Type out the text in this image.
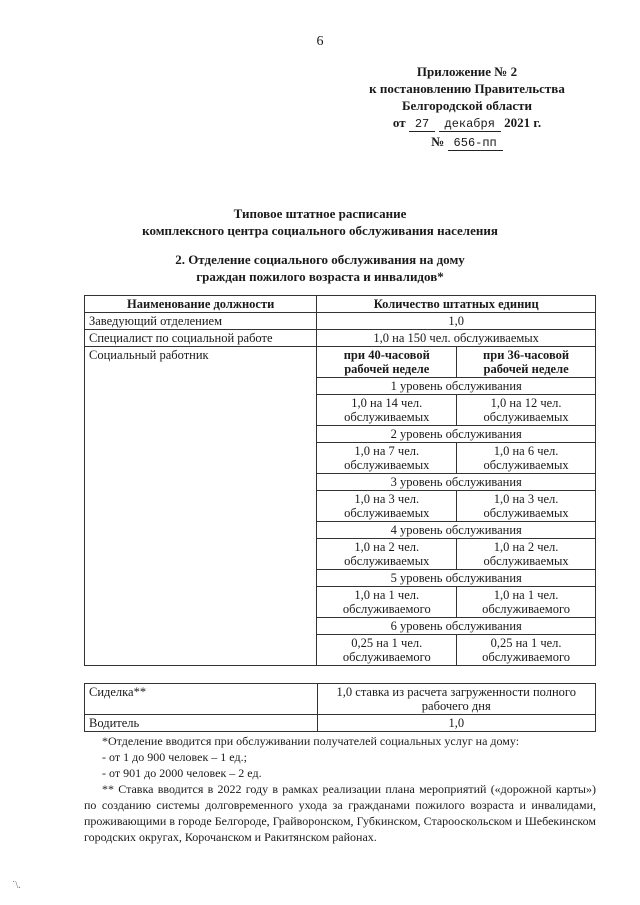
6
Приложение № 2
к постановлению Правительства
Белгородской области
от 27 декабря 2021 г.
№ 656-пп
Типовое штатное расписание
комплексного центра социального обслуживания населения
2. Отделение социального обслуживания на дому
граждан пожилого возраста и инвалидов*
Наименование должности	Количество штатных единиц	
Заведующий отделением	1,0	
Специалист по социальной работе	1,0 на 150 чел. обслуживаемых	
Социальный работник	при 40-часовой рабочей неделе	при 36-часовой рабочей неделе
	1 уровень обслуживания	
	1,0 на 14 чел. обслуживаемых	1,0 на 12 чел. обслуживаемых
	2 уровень обслуживания	
	1,0 на 7 чел. обслуживаемых	1,0 на 6 чел. обслуживаемых
	3 уровень обслуживания	
	1,0 на 3 чел. обслуживаемых	1,0 на 3 чел. обслуживаемых
	4 уровень обслуживания	
	1,0 на 2 чел. обслуживаемых	1,0 на 2 чел. обслуживаемых
	5 уровень обслуживания	
	1,0 на 1 чел. обслуживаемого	1,0 на 1 чел. обслуживаемого
	6 уровень обслуживания	
	0,25 на 1 чел. обслуживаемого	0,25 на 1 чел. обслуживаемого
Сиделка**	1,0 ставка из расчета загруженности полного рабочего дня
Водитель	1,0
*Отделение вводится при обслуживании получателей социальных услуг на дому:
- от 1 до 900 человек – 1 ед.;
- от 901 до 2000 человек – 2 ед.
** Ставка вводится в 2022 году в рамках реализации плана мероприятий («дорожной карты») по созданию системы долговременного ухода за гражданами пожилого возраста и инвалидами, проживающими в городе Белгороде, Грайворонском, Губкинском, Старооскольском и Шебекинском городских округах, Корочанском и Ракитянском районах.
˙\.
